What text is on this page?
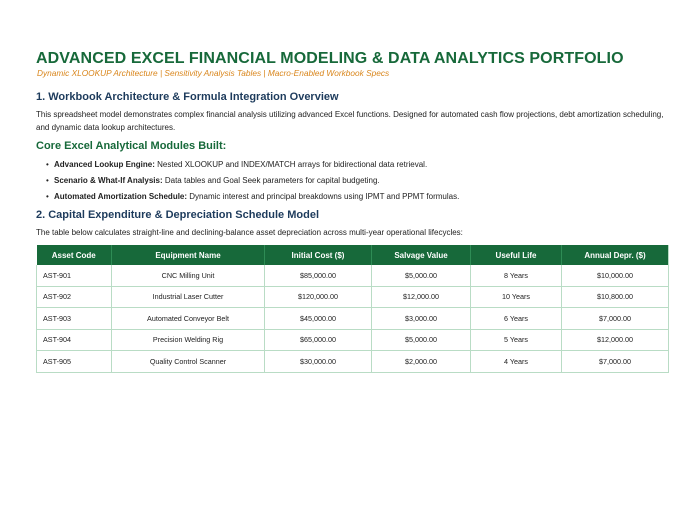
ADVANCED EXCEL FINANCIAL MODELING & DATA ANALYTICS PORTFOLIO
Dynamic XLOOKUP Architecture | Sensitivity Analysis Tables | Macro-Enabled Workbook Specs
1. Workbook Architecture & Formula Integration Overview
This spreadsheet model demonstrates complex financial analysis utilizing advanced Excel functions. Designed for automated cash flow projections, debt amortization scheduling, and dynamic data lookup architectures.
Core Excel Analytical Modules Built:
• Advanced Lookup Engine: Nested XLOOKUP and INDEX/MATCH arrays for bidirectional data retrieval.
• Scenario & What-If Analysis: Data tables and Goal Seek parameters for capital budgeting.
• Automated Amortization Schedule: Dynamic interest and principal breakdowns using IPMT and PPMT formulas.
2. Capital Expenditure & Depreciation Schedule Model
The table below calculates straight-line and declining-balance asset depreciation across multi-year operational lifecycles:
Asset Code	Equipment Name	Initial Cost ($)	Salvage Value	Useful Life	Annual Depr. ($)
AST-901	CNC Milling Unit	$85,000.00	$5,000.00	8 Years	$10,000.00
AST-902	Industrial Laser Cutter	$120,000.00	$12,000.00	10 Years	$10,800.00
AST-903	Automated Conveyor Belt	$45,000.00	$3,000.00	6 Years	$7,000.00
AST-904	Precision Welding Rig	$65,000.00	$5,000.00	5 Years	$12,000.00
AST-905	Quality Control Scanner	$30,000.00	$2,000.00	4 Years	$7,000.00
